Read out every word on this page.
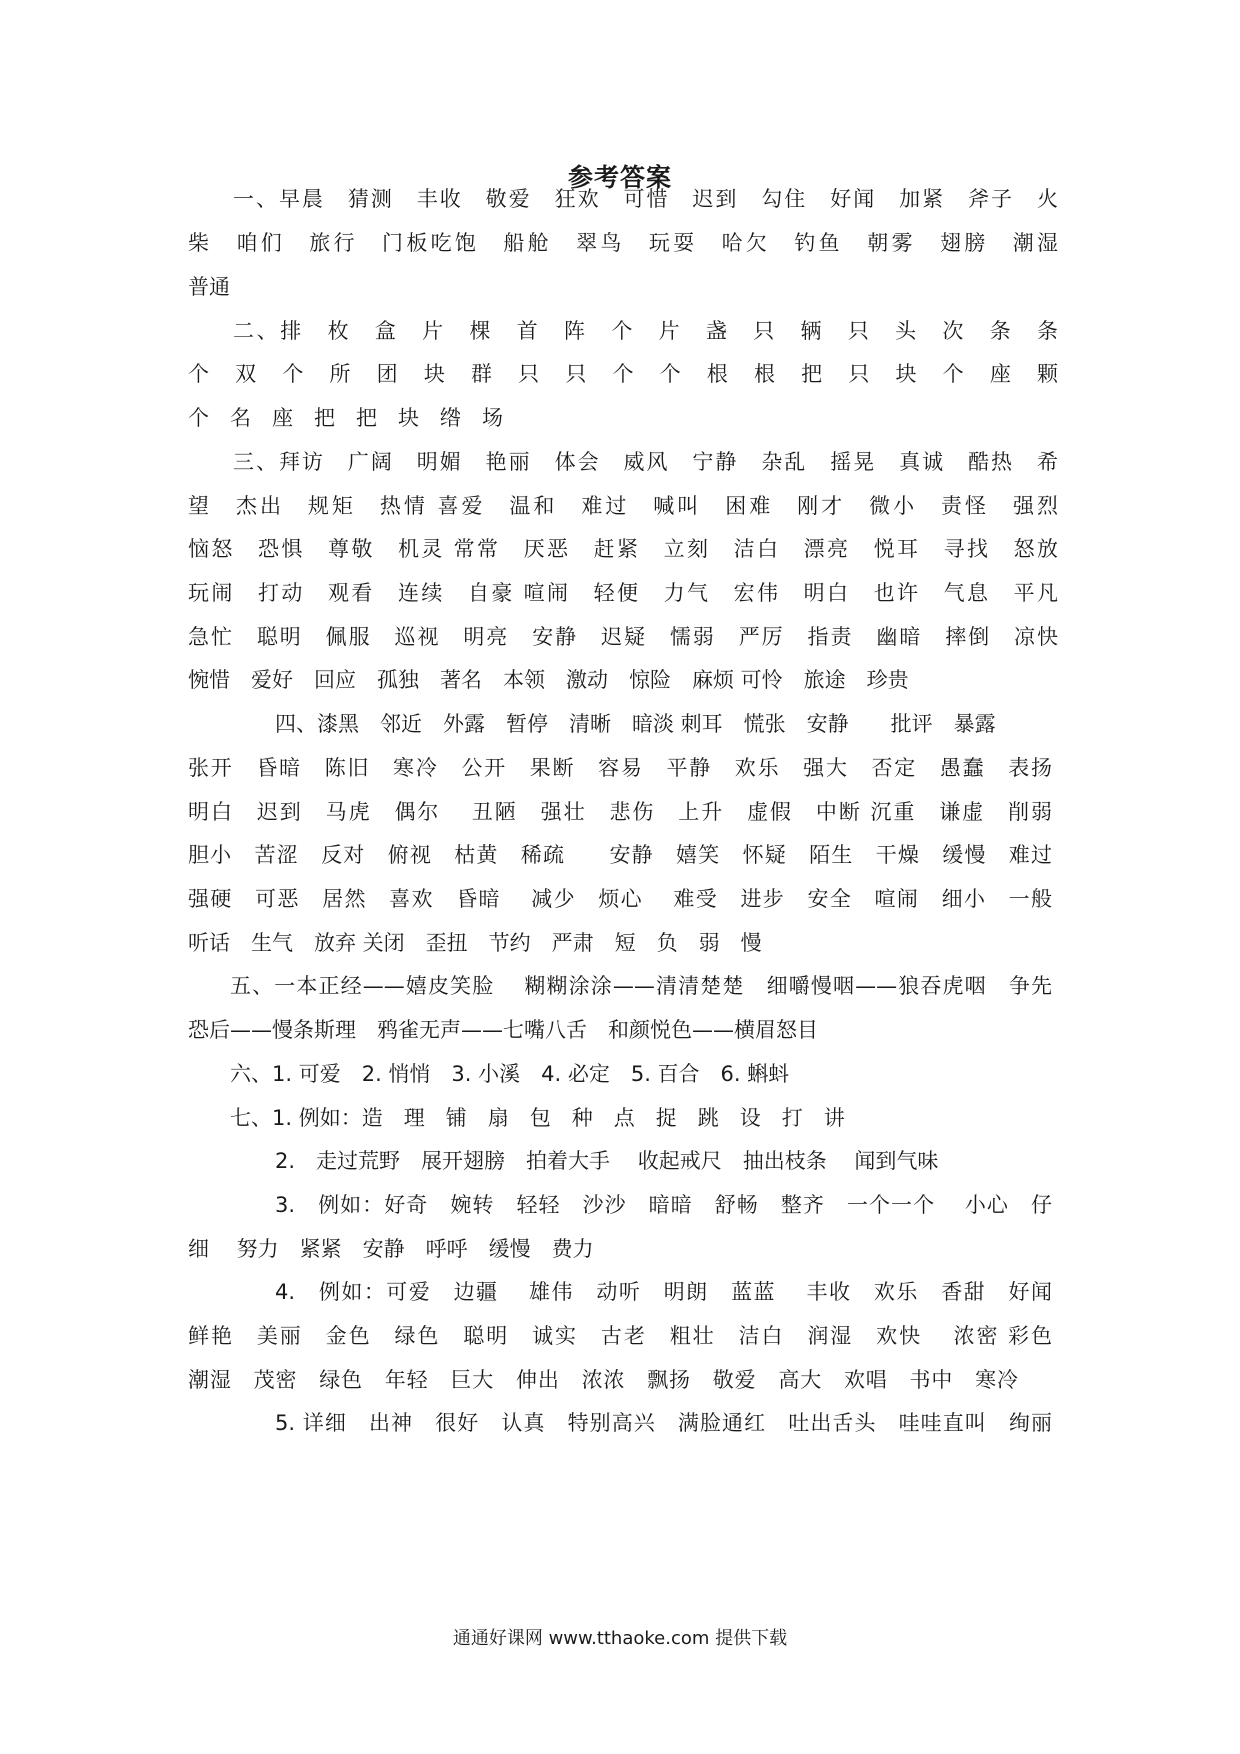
参考答案
一、早晨　猜测　丰收　敬爱　狂欢　可惜　迟到　勾住　好闻　加紧　斧子　火
柴　咱们　旅行　门板吃饱　船舱　翠鸟　玩耍　哈欠　钓鱼　朝雾　翅膀　潮湿
普通
二、排　枚　盒　片　棵　首　阵　个　片　盏　只　辆　只　头　次　条　条
个　双　个　所　团　块　群　只　只　个　个　根　根　把　只　块　个　座　颗
个　名　座　把　把　块　绺　场
三、拜访　广阔　明媚　艳丽　体会　威风　宁静　杂乱　摇晃　真诚　酷热　希
望　杰出　规矩　热情 喜爱　温和　难过　喊叫　困难　刚才　微小　责怪　强烈
恼怒　恐惧　尊敬　机灵 常常　厌恶　赶紧　立刻　洁白　漂亮　悦耳　寻找　怒放
玩闹　打动　观看　连续　自豪 喧闹　轻便　力气　宏伟　明白　也许　气息　平凡
急忙　聪明　佩服　巡视　明亮　安静　迟疑　懦弱　严厉　指责　幽暗　摔倒　凉快
惋惜　爱好　回应　孤独　著名　本领　激动　惊险　麻烦 可怜　旅途　珍贵
四、漆黑　邻近　外露　暂停　清晰　暗淡 刺耳　慌张　安静　　批评　暴露
张开　昏暗　陈旧　寒冷　公开　果断　容易　平静　欢乐　强大　否定　愚蠢　表扬
明白　迟到　马虎　偶尔　 丑陋　强壮　悲伤　上升　虚假　中断 沉重　谦虚　削弱
胆小　苦涩　反对　俯视　枯黄　稀疏　　安静　嬉笑　怀疑　陌生　干燥　缓慢　难过
强硬　可恶　居然　喜欢　昏暗　 减少　烦心　 难受　进步　安全　喧闹　细小　一般
听话　生气　放弃 关闭　歪扭　节约　严肃　短　负　弱　慢
五、一本正经——嬉皮笑脸　 糊糊涂涂——清清楚楚　细嚼慢咽——狼吞虎咽　争先
恐后——慢条斯理　鸦雀无声——七嘴八舌　和颜悦色——横眉怒目
六、1. 可爱　2. 悄悄　3. 小溪　4. 必定　5. 百合　6. 蝌蚪
七、1. 例如：造　理　铺　扇　包　种　点　捉　跳　设　打　讲
2.　走过荒野　展开翅膀　拍着大手　 收起戒尺　抽出枝条　 闻到气味
3.　例如：好奇　婉转　轻轻　沙沙　暗暗　舒畅　整齐　一个一个　 小心　仔
细　 努力　紧紧　安静　呼呼　缓慢　费力
4.　例如：可爱　边疆　 雄伟　动听　明朗　蓝蓝　 丰收　欢乐　香甜　好闻
鲜艳　美丽　金色　绿色　聪明　诚实　古老　粗壮　洁白　润湿　欢快　 浓密 彩色
潮湿　茂密　绿色　年轻　巨大　伸出　浓浓　飘扬　敬爱　高大　欢唱　书中　寒冷
5. 详细　出神　很好　认真　特别高兴　满脸通红　吐出舌头　哇哇直叫　绚丽
通通好课网 www.tthaoke.com 提供下载
